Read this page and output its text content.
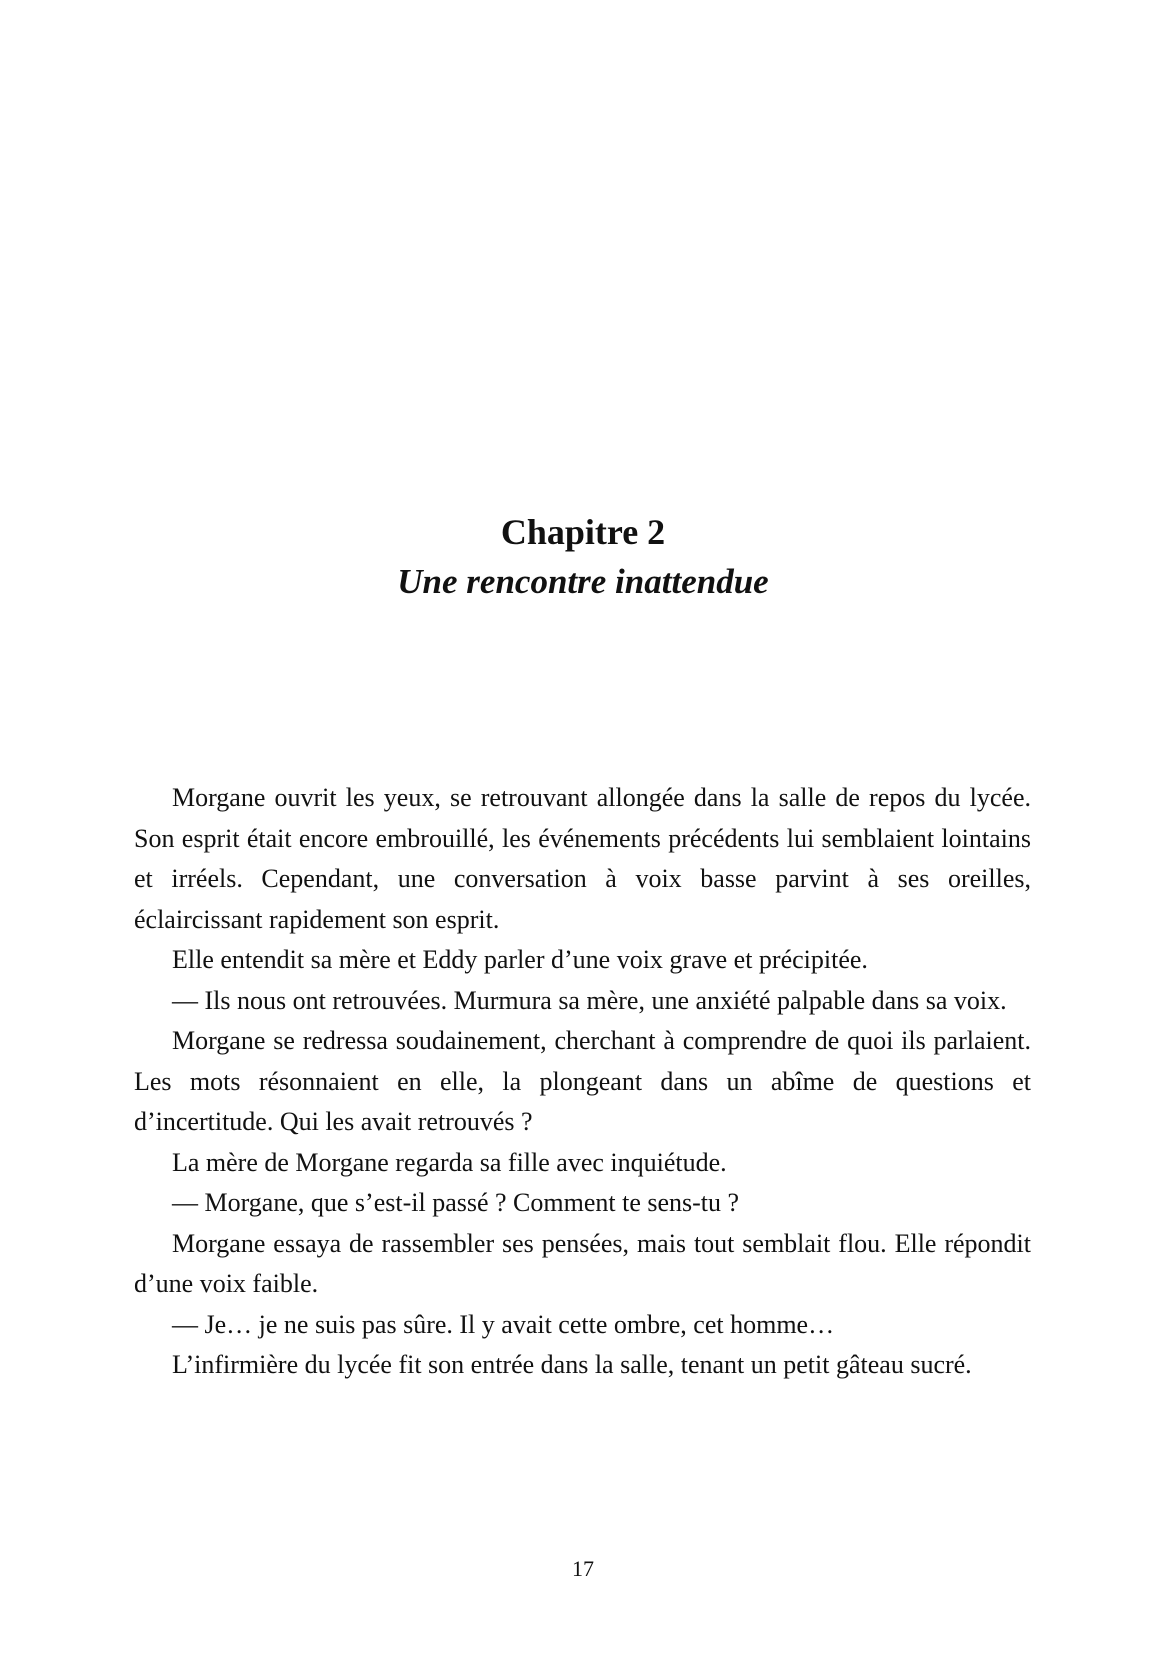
Chapitre 2
Une rencontre inattendue

Morgane ouvrit les yeux, se retrouvant allongée dans la salle de repos du lycée. Son esprit était encore embrouillé, les événements précédents lui semblaient lointains et irréels. Cependant, une conversation à voix basse parvint à ses oreilles, éclaircissant rapidement son esprit.

Elle entendit sa mère et Eddy parler d’une voix grave et précipitée.

— Ils nous ont retrouvées. Murmura sa mère, une anxiété palpable dans sa voix.

Morgane se redressa soudainement, cherchant à comprendre de quoi ils parlaient. Les mots résonnaient en elle, la plongeant dans un abîme de questions et d’incertitude. Qui les avait retrouvés ?

La mère de Morgane regarda sa fille avec inquiétude.

— Morgane, que s’est-il passé ? Comment te sens-tu ?

Morgane essaya de rassembler ses pensées, mais tout semblait flou. Elle répondit d’une voix faible.

— Je… je ne suis pas sûre. Il y avait cette ombre, cet homme…

L’infirmière du lycée fit son entrée dans la salle, tenant un petit gâteau sucré.

17
